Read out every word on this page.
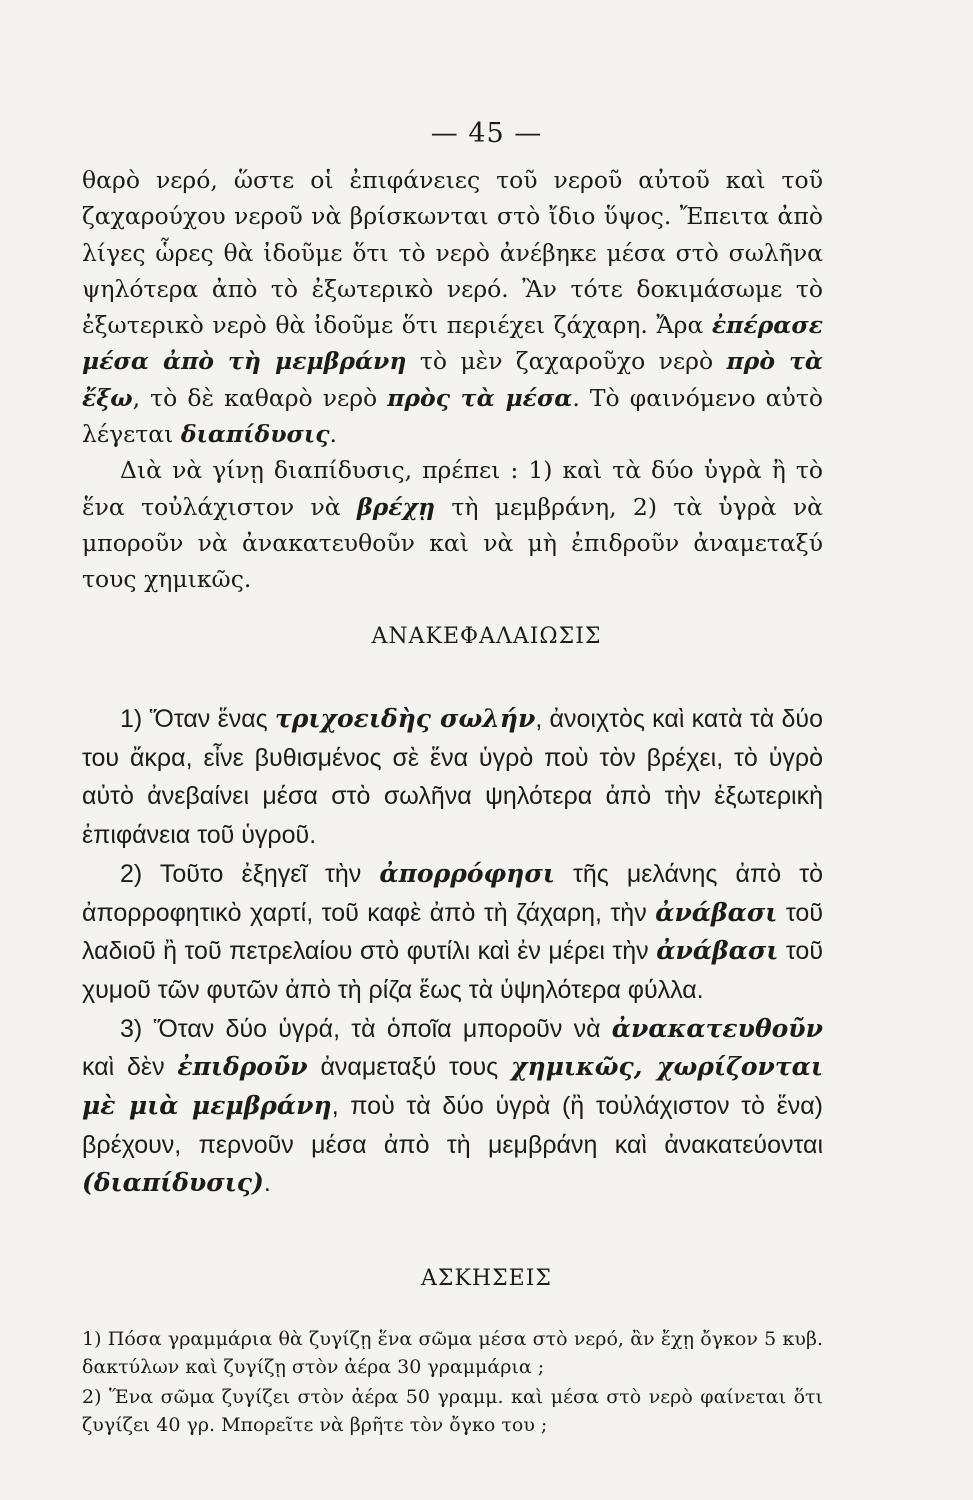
— 45 —

θαρὸ νερό, ὥστε οἱ ἐπιφάνειες τοῦ νεροῦ αὐτοῦ καὶ τοῦ ζαχαρούχου νεροῦ νὰ βρίσκωνται στὸ ἴδιο ὕψος. Ἔπειτα ἀπὸ λίγες ὧρες θὰ ἰδοῦμε ὅτι τὸ νερὸ ἀνέβηκε μέσα στὸ σωλῆνα ψηλότερα ἀπὸ τὸ ἐξωτερικὸ νερό. Ἂν τότε δοκιμάσωμε τὸ ἐξωτερικὸ νερὸ θὰ ἰδοῦμε ὅτι περιέχει ζάχαρη. Ἄρα ἐπέρασε μέσα ἀπὸ τὴ μεμβράνη τὸ μὲν ζαχαροῦχο νερὸ πρὸ τὰ ἔξω, τὸ δὲ καθαρὸ νερὸ πρὸς τὰ μέσα. Τὸ φαινόμενο αὐτὸ λέγεται διαπίδυσις.

Διὰ νὰ γίνῃ διαπίδυσις, πρέπει : 1) καὶ τὰ δύο ὑγρὰ ἢ τὸ ἕνα τοὐλάχιστον νὰ βρέχῃ τὴ μεμβράνη, 2) τὰ ὑγρὰ νὰ μποροῦν νὰ ἀνακατευθοῦν καὶ νὰ μὴ ἐπιδροῦν ἀναμεταξύ τους χημικῶς.

ΑΝΑΚΕΦΑΛΑΙΩΣΙΣ

1) Ὅταν ἕνας τριχοειδὴς σωλήν, ἀνοιχτὸς καὶ κατὰ τὰ δύο του ἄκρα, εἶνε βυθισμένος σὲ ἕνα ὑγρὸ ποὺ τὸν βρέχει, τὸ ὑγρὸ αὐτὸ ἀνεβαίνει μέσα στὸ σωλῆνα ψηλότερα ἀπὸ τὴν ἐξωτερικὴ ἐπιφάνεια τοῦ ὑγροῦ.

2) Τοῦτο ἐξηγεῖ τὴν ἀπορρόφησι τῆς μελάνης ἀπὸ τὸ ἀπορροφητικὸ χαρτί, τοῦ καφὲ ἀπὸ τὴ ζάχαρη, τὴν ἀνάβασι τοῦ λαδιοῦ ἢ τοῦ πετρελαίου στὸ φυτίλι καὶ ἐν μέρει τὴν ἀνάβασι τοῦ χυμοῦ τῶν φυτῶν ἀπὸ τὴ ρίζα ἕως τὰ ὑψηλότερα φύλλα.

3) Ὅταν δύο ὑγρά, τὰ ὁποῖα μποροῦν νὰ ἀνακατευθοῦν καὶ δὲν ἐπιδροῦν ἀναμεταξύ τους χημικῶς, χωρίζονται μὲ μιὰ μεμβράνη, ποὺ τὰ δύο ὑγρὰ (ἢ τοὐλάχιστον τὸ ἕνα) βρέχουν, περνοῦν μέσα ἀπὸ τὴ μεμβράνη καὶ ἀνακατεύονται (διαπίδυσις).

ΑΣΚΗΣΕΙΣ

1) Πόσα γραμμάρια θὰ ζυγίζῃ ἕνα σῶμα μέσα στὸ νερό, ἂν ἔχῃ ὄγκον 5 κυβ. δακτύλων καὶ ζυγίζῃ στὸν ἀέρα 30 γραμμάρια ;

2) Ἕνα σῶμα ζυγίζει στὸν ἀέρα 50 γραμμ. καὶ μέσα στὸ νερὸ φαίνεται ὅτι ζυγίζει 40 γρ. Μπορεῖτε νὰ βρῆτε τὸν ὄγκο του ;
